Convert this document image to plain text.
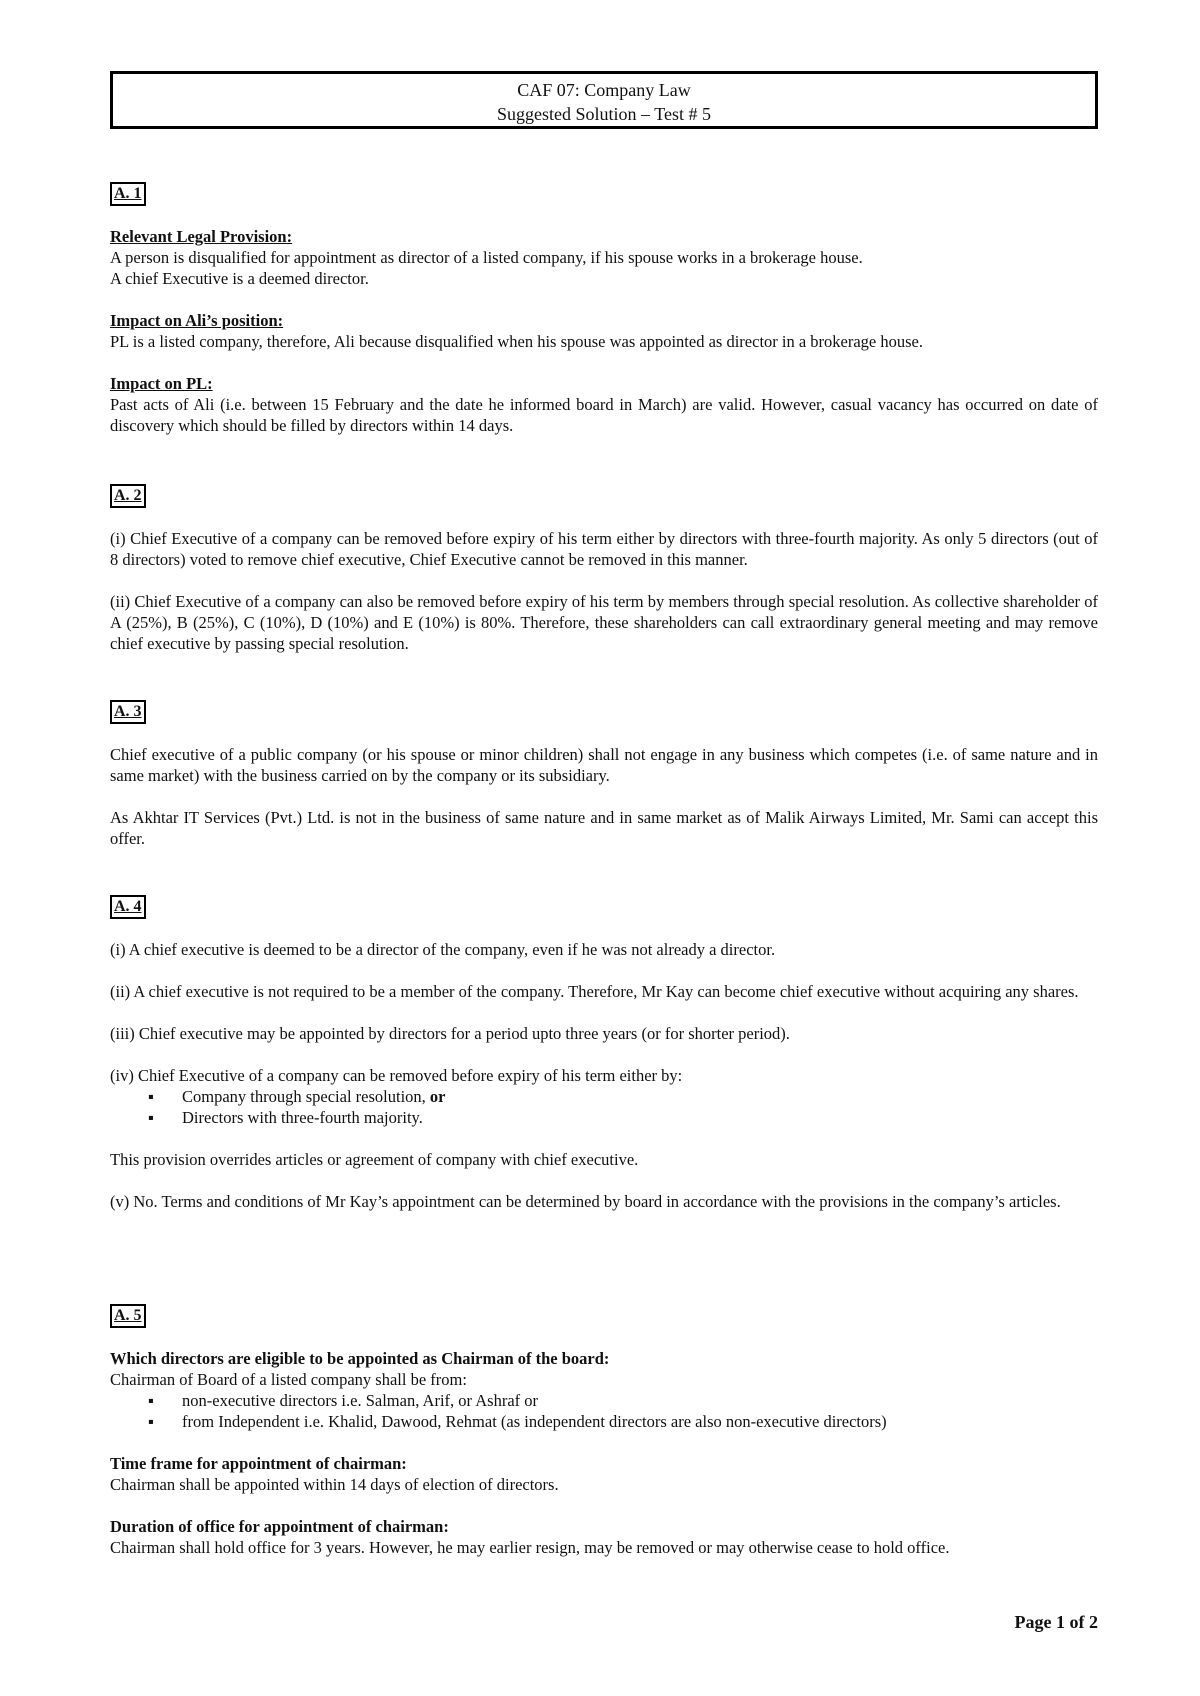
CAF 07: Company Law
Suggested Solution – Test # 5
A. 1

Relevant Legal Provision:

A person is disqualified for appointment as director of a listed company, if his spouse works in a brokerage house.

A chief Executive is a deemed director.

Impact on Ali’s position:

PL is a listed company, therefore, Ali because disqualified when his spouse was appointed as director in a brokerage house.

Impact on PL:

Past acts of Ali (i.e. between 15 February and the date he informed board in March) are valid. However, casual vacancy has occurred on date of discovery which should be filled by directors within 14 days.

A. 2

(i) Chief Executive of a company can be removed before expiry of his term either by directors with three-fourth majority. As only 5 directors (out of 8 directors) voted to remove chief executive, Chief Executive cannot be removed in this manner.

(ii) Chief Executive of a company can also be removed before expiry of his term by members through special resolution. As collective shareholder of A (25%), B (25%), C (10%), D (10%) and E (10%) is 80%. Therefore, these shareholders can call extraordinary general meeting and may remove chief executive by passing special resolution.

A. 3

Chief executive of a public company (or his spouse or minor children) shall not engage in any business which competes (i.e. of same nature and in same market) with the business carried on by the company or its subsidiary.

As Akhtar IT Services (Pvt.) Ltd. is not in the business of same nature and in same market as of Malik Airways Limited, Mr. Sami can accept this offer.

A. 4

(i) A chief executive is deemed to be a director of the company, even if he was not already a director.

(ii) A chief executive is not required to be a member of the company. Therefore, Mr Kay can become chief executive without acquiring any shares.

(iii) Chief executive may be appointed by directors for a period upto three years (or for shorter period).

(iv) Chief Executive of a company can be removed before expiry of his term either by:

▪ Company through special resolution, or
▪ Directors with three-fourth majority.

This provision overrides articles or agreement of company with chief executive.

(v) No. Terms and conditions of Mr Kay’s appointment can be determined by board in accordance with the provisions in the company’s articles.

A. 5

Which directors are eligible to be appointed as Chairman of the board:

Chairman of Board of a listed company shall be from:

▪ non-executive directors i.e. Salman, Arif, or Ashraf or
▪ from Independent i.e. Khalid, Dawood, Rehmat (as independent directors are also non-executive directors)

Time frame for appointment of chairman:

Chairman shall be appointed within 14 days of election of directors.

Duration of office for appointment of chairman:

Chairman shall hold office for 3 years. However, he may earlier resign, may be removed or may otherwise cease to hold office.

Page 1 of 2
